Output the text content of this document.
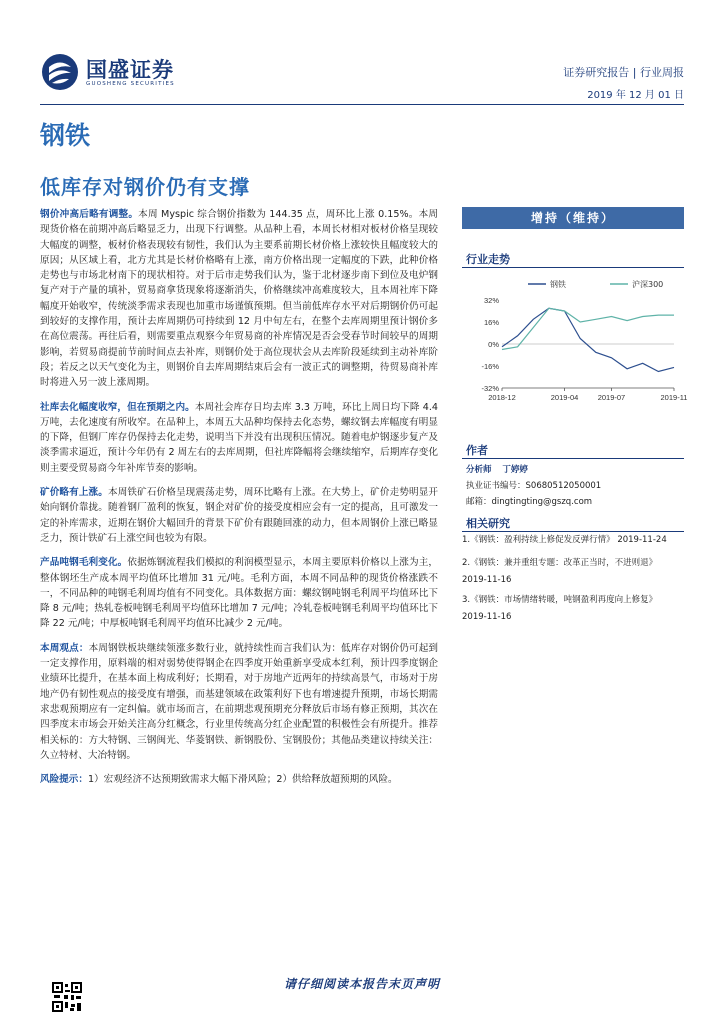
国盛证券
GUOSHENG SECURITIES
证券研究报告 | 行业周报
2019 年 12 月 01 日
钢铁
低库存对钢价仍有支撑

钢价冲高后略有调整。本周 Myspic 综合钢价指数为 144.35 点，周环比上涨 0.15%。本周现货价格在前期冲高后略显乏力，出现下行调整。从品种上看，本周长材相对板材价格呈现较大幅度的调整，板材价格表现较有韧性，我们认为主要系前期长材价格上涨较快且幅度较大的原因；从区域上看，北方尤其是长材价格略有上涨，南方价格出现一定幅度的下跌，此种价格走势也与市场北材南下的现状相符。对于后市走势我们认为，鉴于北材逐步南下到位及电炉钢复产对于产量的填补，贸易商拿货现象将逐渐消失，价格继续冲高难度较大，且本周社库下降幅度开始收窄，传统淡季需求表现也加重市场谨慎预期。但当前低库存水平对后期钢价仍可起到较好的支撑作用，预计去库周期仍可持续到 12 月中旬左右，在整个去库周期里预计钢价多在高位震荡。再往后看，则需要重点观察今年贸易商的补库情况是否会受春节时间较早的周期影响，若贸易商提前节前时间点去补库，则钢价处于高位现状会从去库阶段延续到主动补库阶段；若反之以天气变化为主，则钢价自去库周期结束后会有一波正式的调整期，待贸易商补库时将进入另一波上涨周期。

社库去化幅度收窄，但在预期之内。本周社会库存日均去库 3.3 万吨，环比上周日均下降 4.4 万吨，去化速度有所收窄。在品种上，本周五大品种均保持去化态势，螺纹钢去库幅度有明显的下降，但钢厂库存仍保持去化走势，说明当下并没有出现积压情况。随着电炉钢逐步复产及淡季需求逼近，预计今年仍有 2 周左右的去库周期，但社库降幅将会继续缩窄，后期库存变化则主要受贸易商今年补库节奏的影响。

矿价略有上涨。本周铁矿石价格呈现震荡走势，周环比略有上涨。在大势上，矿价走势明显开始向钢价靠拢。随着钢厂盈利的恢复，钢企对矿价的接受度相应会有一定的提高，且可激发一定的补库需求，近期在钢价大幅回升的背景下矿价有跟随回涨的动力，但本周钢价上涨已略显乏力，预计铁矿石上涨空间也较为有限。

产品吨钢毛利变化。依据炼钢流程我们模拟的利润模型显示，本周主要原料价格以上涨为主，整体钢坯生产成本周平均值环比增加 31 元/吨。毛利方面，本周不同品种的现货价格涨跌不一，不同品种的吨钢毛利周均值有不同变化。具体数据方面：螺纹钢吨钢毛利周平均值环比下降 8 元/吨；热轧卷板吨钢毛利周平均值环比增加 7 元/吨；冷轧卷板吨钢毛利周平均值环比下降 22 元/吨；中厚板吨钢毛利周平均值环比减少 2 元/吨。

本周观点：本周钢铁板块继续领涨多数行业，就持续性而言我们认为：低库存对钢价仍可起到一定支撑作用，原料端的相对弱势使得钢企在四季度开始重新享受成本红利，预计四季度钢企业绩环比提升，在基本面上构成利好；长期看，对于房地产近两年的持续高景气，市场对于房地产仍有韧性观点的接受度有增强，而基建领域在政策利好下也有增速提升预期，市场长期需求悲观预期应有一定纠偏。就市场而言，在前期悲观预期充分释放后市场有修正预期，其次在四季度末市场会开始关注高分红概念，行业里传统高分红企业配置的积极性会有所提升。推荐相关标的：方大特钢、三钢闽光、华菱钢铁、新钢股份、宝钢股份；其他品类建议持续关注：久立特材、大冶特钢。

风险提示：1）宏观经济不达预期致需求大幅下滑风险；2）供给释放超预期的风险。

增持（维持）
行业走势
32%
16%
0%
-16%
-32%
2018-12	2019-04	2019-07	2019-11
钢铁	沪深300
作者
分析师 丁婷婷
执业证书编号：S0680512050001
邮箱：dingtingting@gszq.com
相关研究
1.《钢铁：盈利持续上修促发反弹行情》 2019-11-24
2.《钢铁：兼并重组专题：改革正当时，不进则退》
2019-11-16
3.《钢铁：市场情绪转暖，吨钢盈利再度向上修复》
2019-11-16
请仔细阅读本报告末页声明
